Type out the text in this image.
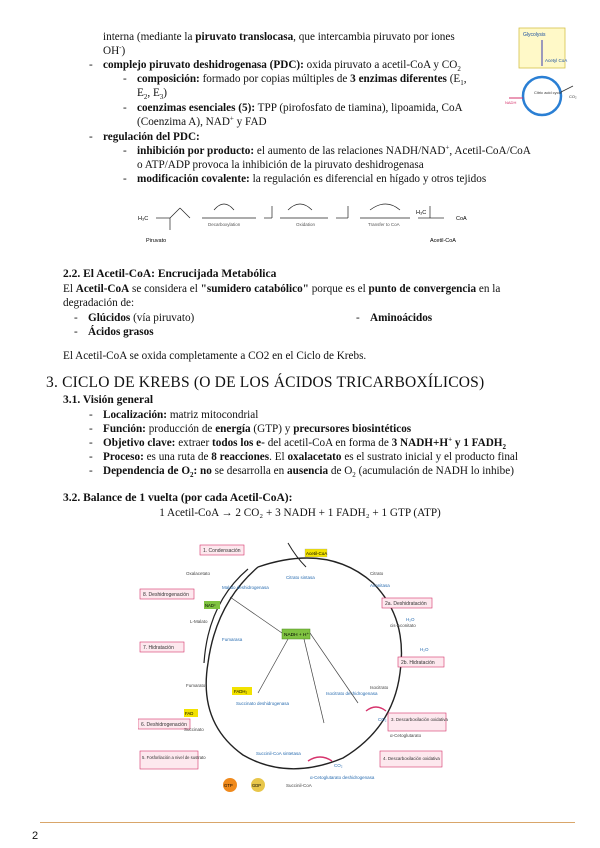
interna (mediante la piruvato translocasa, que intercambia piruvato por iones
OH-)
- complejo piruvato deshidrogenasa (PDC): oxida piruvato a acetil-CoA y $CO_2$
- composición: formado por copias múltiples de 3 enzimas diferentes ($E_1$,
$E_2$, $E_3$)
- coenzimas esenciales (5): TPP (pirofosfato de tiamina), lipoamida, CoA
(Coenzima A), NAD+ y FAD
- regulación del PDC:
- inhibición por producto: el aumento de las relaciones NADH/NAD+, Acetil-CoA/CoA
o ATP/ADP provoca la inhibición de la piruvato deshidrogenasa
- modificación covalente: la regulación es diferencial en hígado y otros tejidos
Glycolysis
Acetyl CoA
Citric acid cycle
NADH
CO₂
H₃C
H₃C
CoA
Decarboxylation	Oxidation	Transfer to CoA
Piruvato	Acetil-CoA
2.2. El Acetil-CoA: Encrucijada Metabólica
El Acetil-CoA se considera el "sumidero catabólico" porque es el punto de convergencia en la
degradación de:
- Glúcidos (vía piruvato)	- Aminoácidos
- Ácidos grasos
El Acetil-CoA se oxida completamente a CO2 en el Ciclo de Krebs.
3. CICLO DE KREBS (O DE LOS ÁCIDOS TRICARBOXÍLICOS)
3.1. Visión general
- Localización: matriz mitocondrial
- Función: producción de energía (GTP) y precursores biosintéticos
- Objetivo clave: extraer todos los e- del acetil-CoA en forma de 3 NADH+H+ y 1 $FADH_2$
- Proceso: es una ruta de 8 reacciones. El oxalacetato es el sustrato inicial y el producto final
- Dependencia de $O_2$: no se desarrolla en ausencia de $O_2$ (acumulación de NADH lo inhibe)
3.2. Balance de 1 vuelta (por cada Acetil-CoA):
1 Acetil-CoA → 2 CO₂ + 3 NADH + 1 FADH₂ + 1 GTP (ATP)
Acetil-CoA
1. Condensación
2a. Deshidratación
2b. Hidratación
3. Descarboxilación oxidativa
4. Descarboxilación oxidativa
5. Fosforilación a nivel de sustrato
6. Deshidrogenación
7. Hidratación
8. Deshidrogenación
Citrato sintasa
Aconitasa
Isocitrato deshidrogenasa
α-Cetoglutarato deshidrogenasa
Succinil-CoA sintetasa
Succinato deshidrogenasa
Fumarasa
Malato deshidrogenasa
Oxalacetato	Citrato
cis-Aconitato
Isocitrato
α-Cetoglutarato
Succinil-CoA
Succinato
Fumarato
L-Malato
NADH + H⁺
NAD⁺
FADH₂
FAD
CO₂
CO₂
H₂O
H₂O
GTP	GDP
2
